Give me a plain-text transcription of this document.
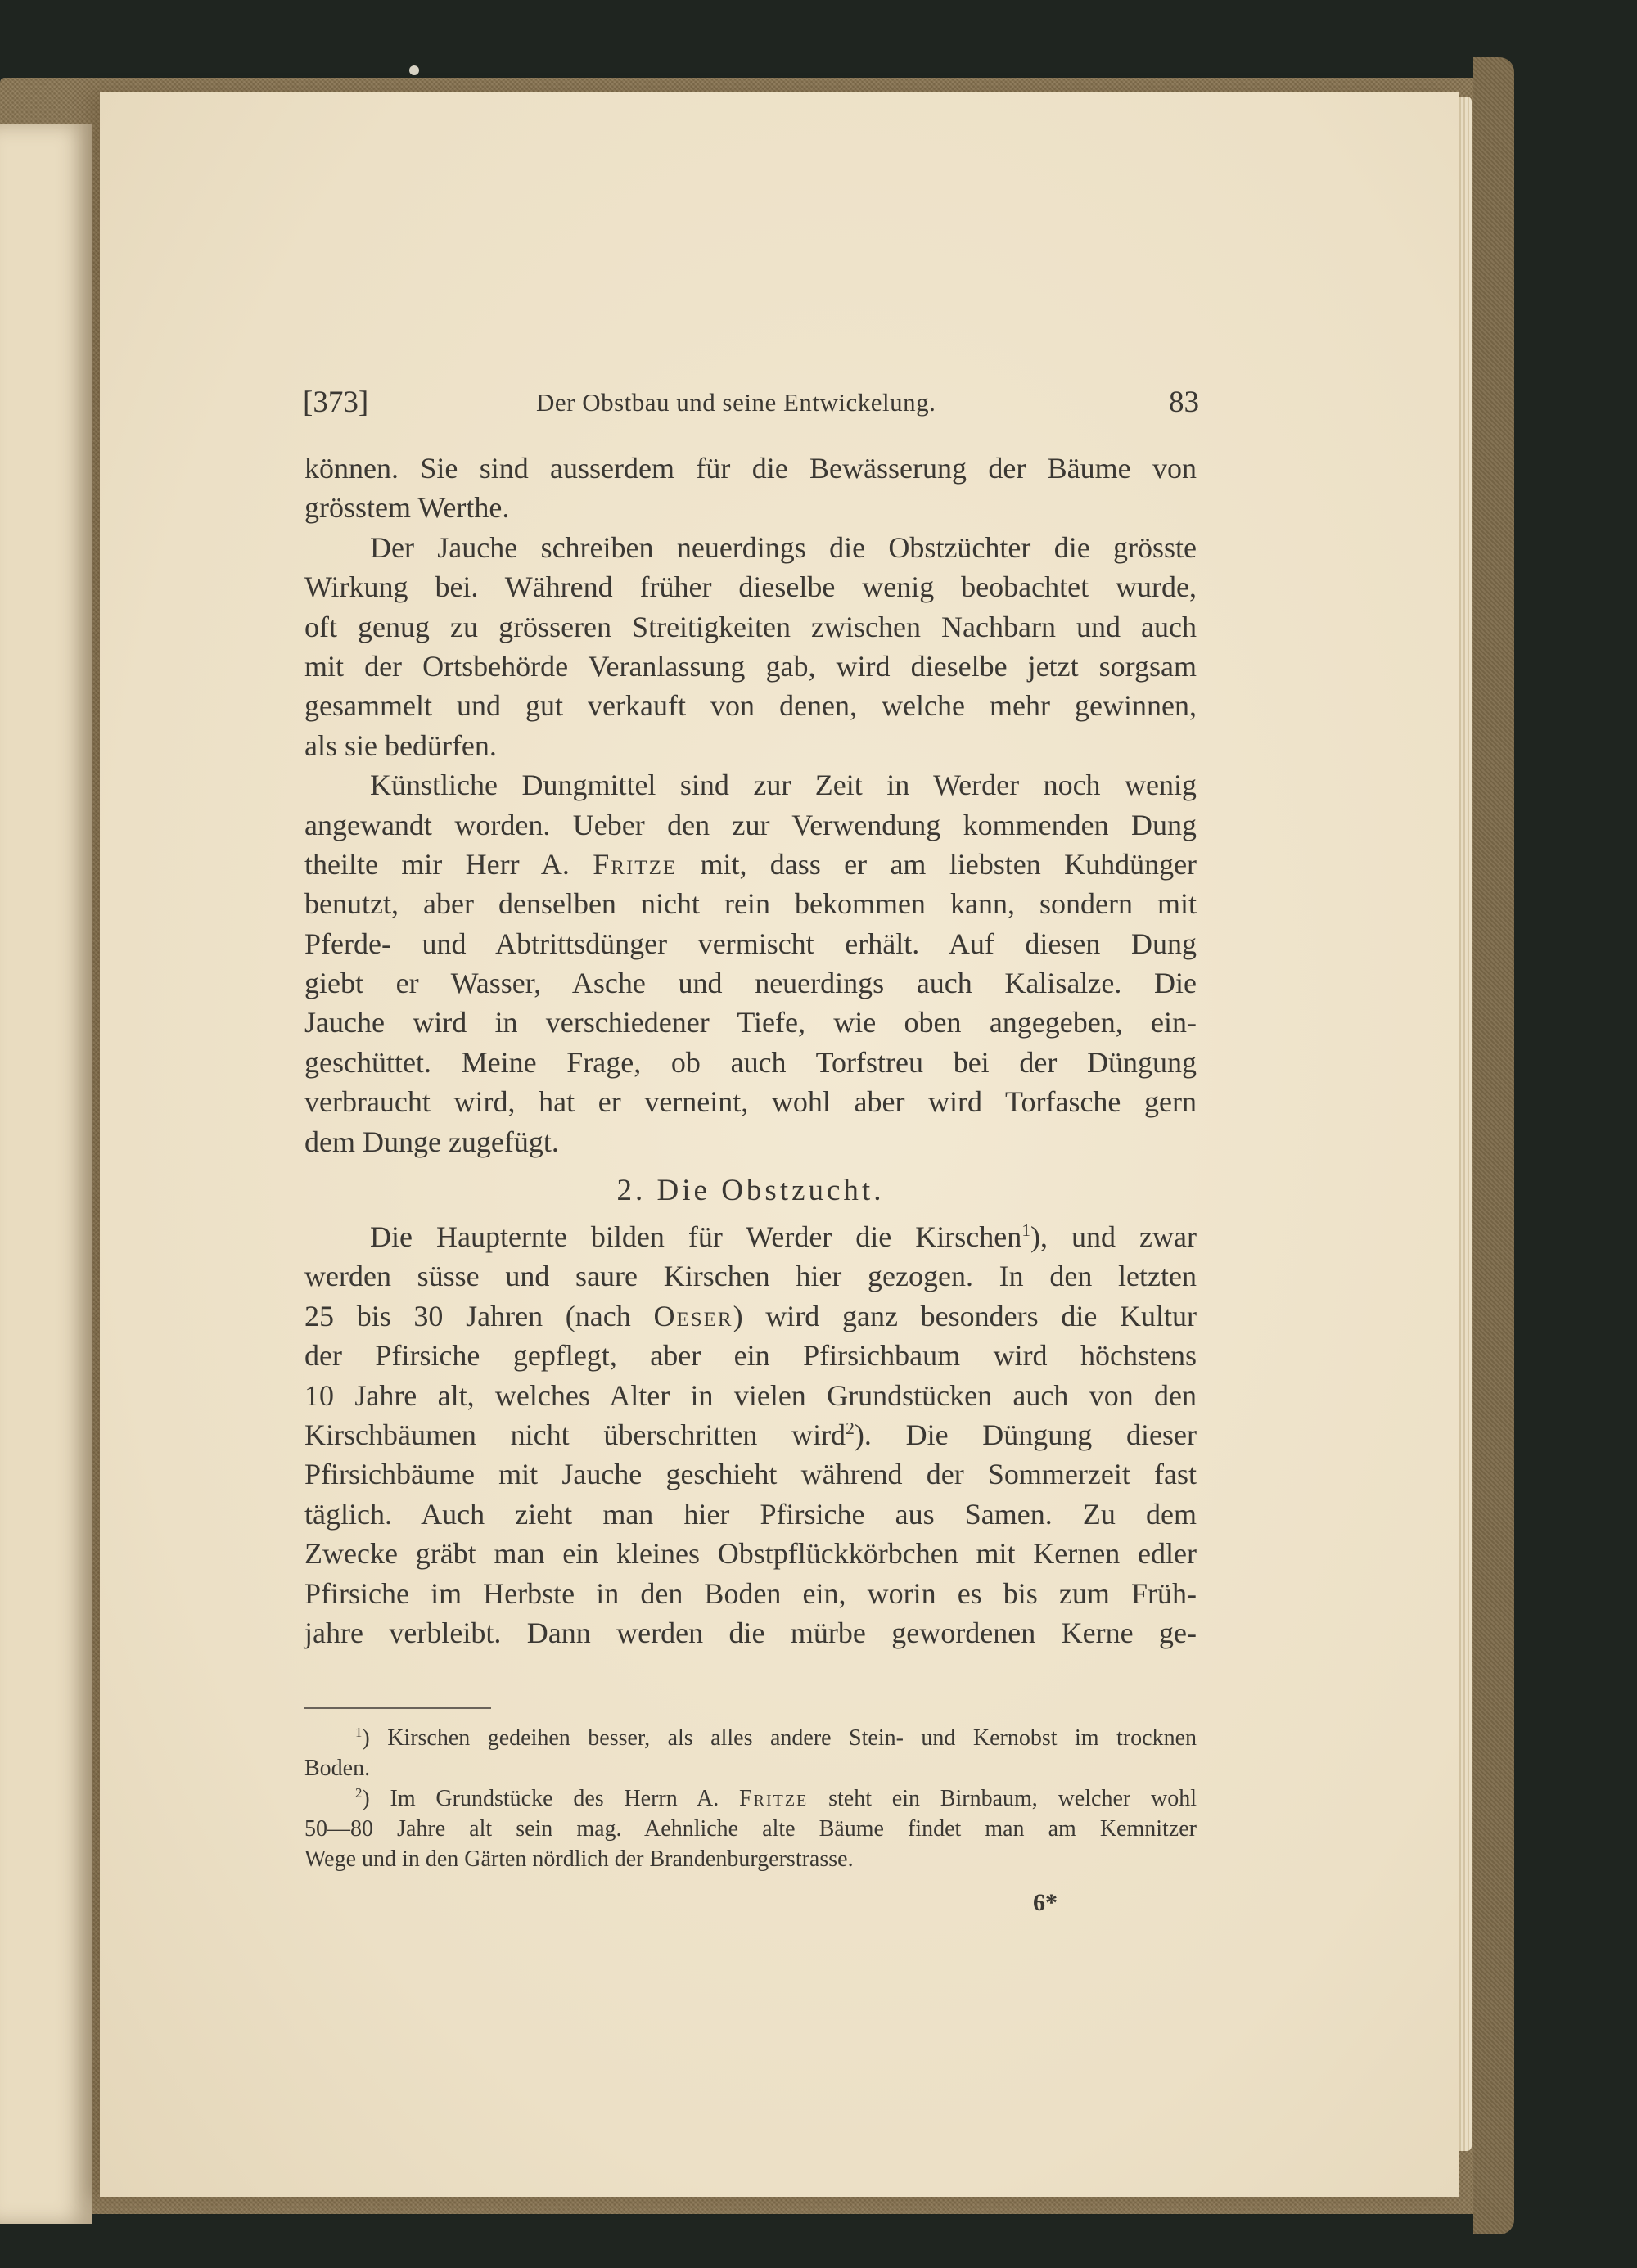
[373]	Der Obstbau und seine Entwickelung.	83
können. Sie sind ausserdem für die Bewässerung der Bäume von
grösstem Werthe.
Der Jauche schreiben neuerdings die Obstzüchter die grösste
Wirkung bei. Während früher dieselbe wenig beobachtet wurde,
oft genug zu grösseren Streitigkeiten zwischen Nachbarn und auch
mit der Ortsbehörde Veranlassung gab, wird dieselbe jetzt sorgsam
gesammelt und gut verkauft von denen, welche mehr gewinnen,
als sie bedürfen.
Künstliche Dungmittel sind zur Zeit in Werder noch wenig
angewandt worden. Ueber den zur Verwendung kommenden Dung
theilte mir Herr A. Fritze mit, dass er am liebsten Kuhdünger
benutzt, aber denselben nicht rein bekommen kann, sondern mit
Pferde- und Abtrittsdünger vermischt erhält. Auf diesen Dung
giebt er Wasser, Asche und neuerdings auch Kalisalze. Die
Jauche wird in verschiedener Tiefe, wie oben angegeben, ein-
geschüttet. Meine Frage, ob auch Torfstreu bei der Düngung
verbraucht wird, hat er verneint, wohl aber wird Torfasche gern
dem Dunge zugefügt.
2. Die Obstzucht.
Die Haupternte bilden für Werder die Kirschen$^1$), und zwar
werden süsse und saure Kirschen hier gezogen. In den letzten
25 bis 30 Jahren (nach Oeser) wird ganz besonders die Kultur
der Pfirsiche gepflegt, aber ein Pfirsichbaum wird höchstens
10 Jahre alt, welches Alter in vielen Grundstücken auch von den
Kirschbäumen nicht überschritten wird$^2$). Die Düngung dieser
Pfirsichbäume mit Jauche geschieht während der Sommerzeit fast
täglich. Auch zieht man hier Pfirsiche aus Samen. Zu dem
Zwecke gräbt man ein kleines Obstpflückkörbchen mit Kernen edler
Pfirsiche im Herbste in den Boden ein, worin es bis zum Früh-
jahre verbleibt. Dann werden die mürbe gewordenen Kerne ge-
$^1$) Kirschen gedeihen besser, als alles andere Stein- und Kernobst im trocknen
Boden.
$^2$) Im Grundstücke des Herrn A. Fritze steht ein Birnbaum, welcher wohl
50—80 Jahre alt sein mag. Aehnliche alte Bäume findet man am Kemnitzer
Wege und in den Gärten nördlich der Brandenburgerstrasse.
6*
